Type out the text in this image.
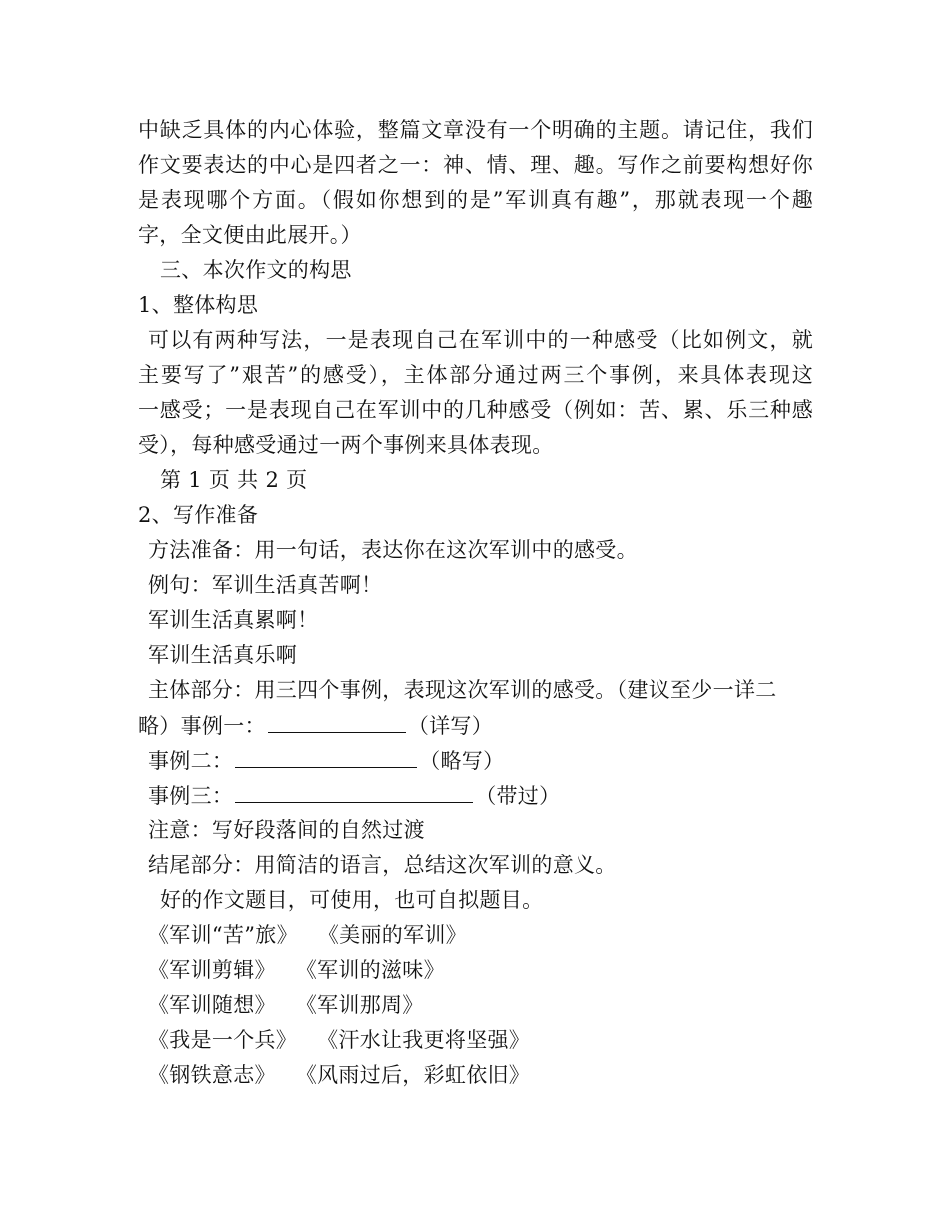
中缺乏具体的内心体验，整篇文章没有一个明确的主题。请记住，我们
作文要表达的中心是四者之一：神、情、理、趣。写作之前要构想好你
是表现哪个方面。（假如你想到的是”军训真有趣”，那就表现一个趣
字，全文便由此展开。）
三、本次作文的构思
1、整体构思
可以有两种写法，一是表现自己在军训中的一种感受（比如例文，就
主要写了”艰苦”的感受），主体部分通过两三个事例，来具体表现这
一感受；一是表现自己在军训中的几种感受（例如：苦、累、乐三种感
受），每种感受通过一两个事例来具体表现。
第 1 页 共 2 页
2、写作准备
方法准备：用一句话，表达你在这次军训中的感受。
例句：军训生活真苦啊！
军训生活真累啊！
军训生活真乐啊
主体部分：用三四个事例，表现这次军训的感受。（建议至少一详二
略）事例一：	（详写）
事例二：	（略写）
事例三：	（带过）
注意：写好段落间的自然过渡
结尾部分：用简洁的语言，总结这次军训的意义。
好的作文题目，可使用，也可自拟题目。
《军训“苦”旅》 《美丽的军训》
《军训剪辑》 《军训的滋味》
《军训随想》 《军训那周》
《我是一个兵》 《汗水让我更将坚强》
《钢铁意志》 《风雨过后，彩虹依旧》
